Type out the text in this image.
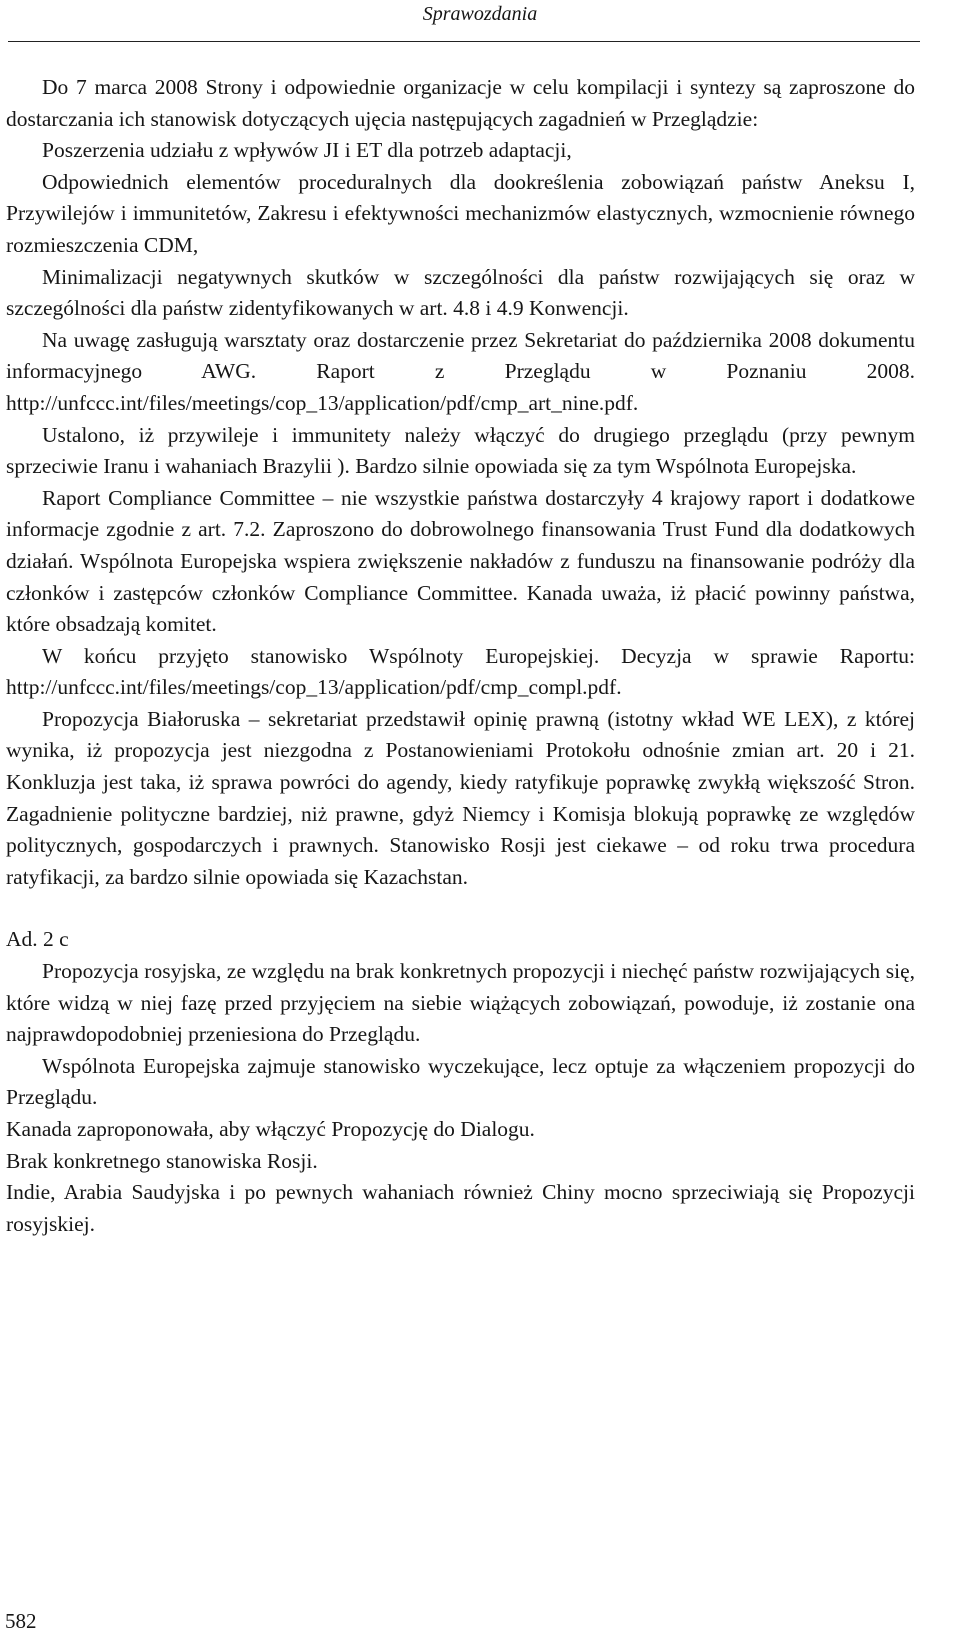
Sprawozdania

Do 7 marca 2008 Strony i odpowiednie organizacje w celu kompilacji i syntezy są zaproszone do dostarczania ich stanowisk dotyczących ujęcia następujących zagadnień w Przeglądzie:

Poszerzenia udziału z wpływów JI i ET dla potrzeb adaptacji,

Odpowiednich elementów proceduralnych dla dookreślenia zobowiązań państw Aneksu I, Przywilejów i immunitetów, Zakresu i efektywności mechanizmów elastycznych, wzmocnienie równego rozmieszczenia CDM,

Minimalizacji negatywnych skutków w szczególności dla państw rozwijających się oraz w szczególności dla państw zidentyfikowanych w art. 4.8 i 4.9 Konwencji.

Na uwagę zasługują warsztaty oraz dostarczenie przez Sekretariat do października 2008 dokumentu informacyjnego AWG. Raport z Przeglądu w Poznaniu 2008. http://unfccc.int/files/meetings/cop_13/application/pdf/cmp_art_nine.pdf.

Ustalono, iż przywileje i immunitety należy włączyć do drugiego przeglądu (przy pewnym sprzeciwie Iranu i wahaniach Brazylii ). Bardzo silnie opowiada się za tym Wspólnota Europejska.

Raport Compliance Committee – nie wszystkie państwa dostarczyły 4 krajowy raport i dodatkowe informacje zgodnie z art. 7.2. Zaproszono do dobrowolnego finansowania Trust Fund dla dodatkowych działań. Wspólnota Europejska wspiera zwiększenie nakładów z funduszu na finansowanie podróży dla członków i zastępców członków Compliance Committee. Kanada uważa, iż płacić powinny państwa, które obsadzają komitet.

W końcu przyjęto stanowisko Wspólnoty Europejskiej. Decyzja w sprawie Raportu: http://unfccc.int/files/meetings/cop_13/application/pdf/cmp_compl.pdf.

Propozycja Białoruska – sekretariat przedstawił opinię prawną (istotny wkład WE LEX), z której wynika, iż propozycja jest niezgodna z Postanowieniami Protokołu odnośnie zmian art. 20 i 21. Konkluzja jest taka, iż sprawa powróci do agendy, kiedy ratyfikuje poprawkę zwykłą większość Stron. Zagadnienie polityczne bardziej, niż prawne, gdyż Niemcy i Komisja blokują poprawkę ze względów politycznych, gospodarczych i prawnych. Stanowisko Rosji jest ciekawe – od roku trwa procedura ratyfikacji, za bardzo silnie opowiada się Kazachstan.

Ad. 2 c

Propozycja rosyjska, ze względu na brak konkretnych propozycji i niechęć państw rozwijających się, które widzą w niej fazę przed przyjęciem na siebie wiążących zobowiązań, powoduje, iż zostanie ona najprawdopodobniej przeniesiona do Przeglądu.

Wspólnota Europejska zajmuje stanowisko wyczekujące, lecz optuje za włączeniem propozycji do Przeglądu.

Kanada zaproponowała, aby włączyć Propozycję do Dialogu.

Brak konkretnego stanowiska Rosji.

Indie, Arabia Saudyjska i po pewnych wahaniach również Chiny mocno sprzeciwiają się Propozycji rosyjskiej.

582
